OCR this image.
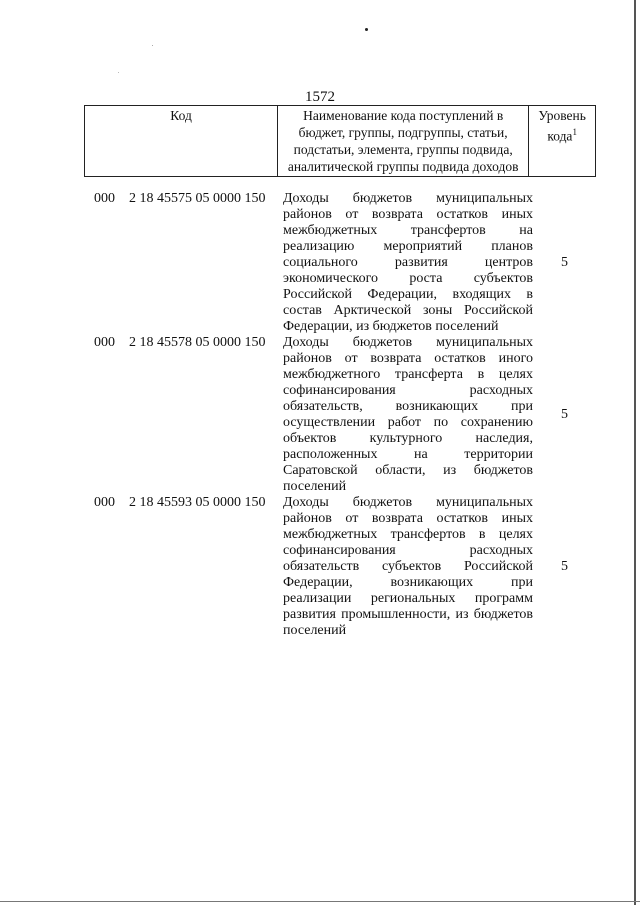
1572
Код	Наименование кода поступлений в бюджет, группы, подгруппы, статьи, подстатьи, элемента, группы подвида, аналитической группы подвида доходов	Уровень кода$^1$
000 2 18 45575 05 0000 150 Доходы бюджетов муниципальных районов от возврата остатков иных межбюджетных трансфертов на реализацию мероприятий планов социального развития центров экономического роста субъектов Российской Федерации, входящих в состав Арктической зоны Российской Федерации, из бюджетов поселений
5
000 2 18 45578 05 0000 150 Доходы бюджетов муниципальных районов от возврата остатков иного межбюджетного трансферта в целях софинансирования расходных обязательств, возникающих при осуществлении работ по сохранению объектов культурного наследия, расположенных на территории Саратовской области, из бюджетов поселений
5
000 2 18 45593 05 0000 150 Доходы бюджетов муниципальных районов от возврата остатков иных межбюджетных трансфертов в целях софинансирования расходных обязательств субъектов Российской Федерации, возникающих при реализации региональных программ развития промышленности, из бюджетов поселений
5
